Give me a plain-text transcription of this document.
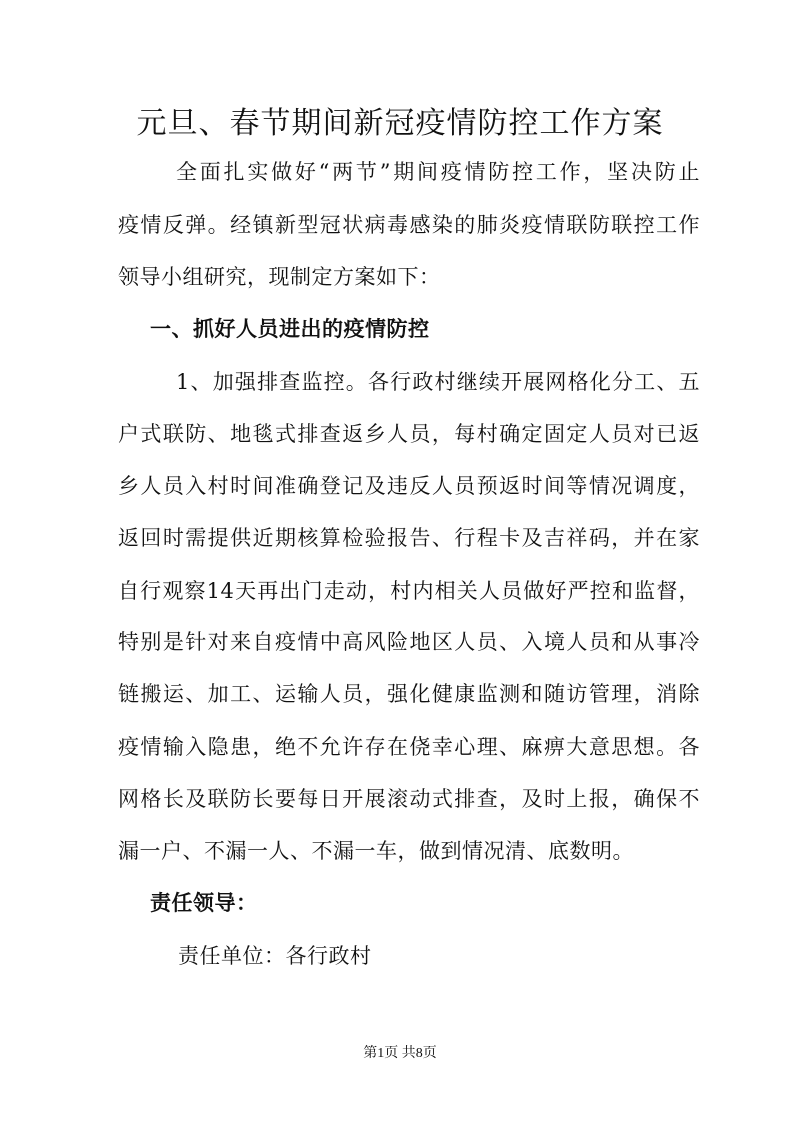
元旦、春节期间新冠疫情防控工作方案
全面扎实做好“两节”期间疫情防控工作，坚决防止
疫情反弹。经镇新型冠状病毒感染的肺炎疫情联防联控工作
领导小组研究，现制定方案如下：
一、抓好人员进出的疫情防控
1、加强排查监控。各行政村继续开展网格化分工、五
户式联防、地毯式排查返乡人员，每村确定固定人员对已返
乡人员入村时间准确登记及违反人员预返时间等情况调度，
返回时需提供近期核算检验报告、行程卡及吉祥码，并在家
自行观察14天再出门走动，村内相关人员做好严控和监督，
特别是针对来自疫情中高风险地区人员、入境人员和从事冷
链搬运、加工、运输人员，强化健康监测和随访管理，消除
疫情输入隐患，绝不允许存在侥幸心理、麻痹大意思想。各
网格长及联防长要每日开展滚动式排查，及时上报，确保不
漏一户、不漏一人、不漏一车，做到情况清、底数明。
责任领导：
责任单位：各行政村
第1页 共8页
